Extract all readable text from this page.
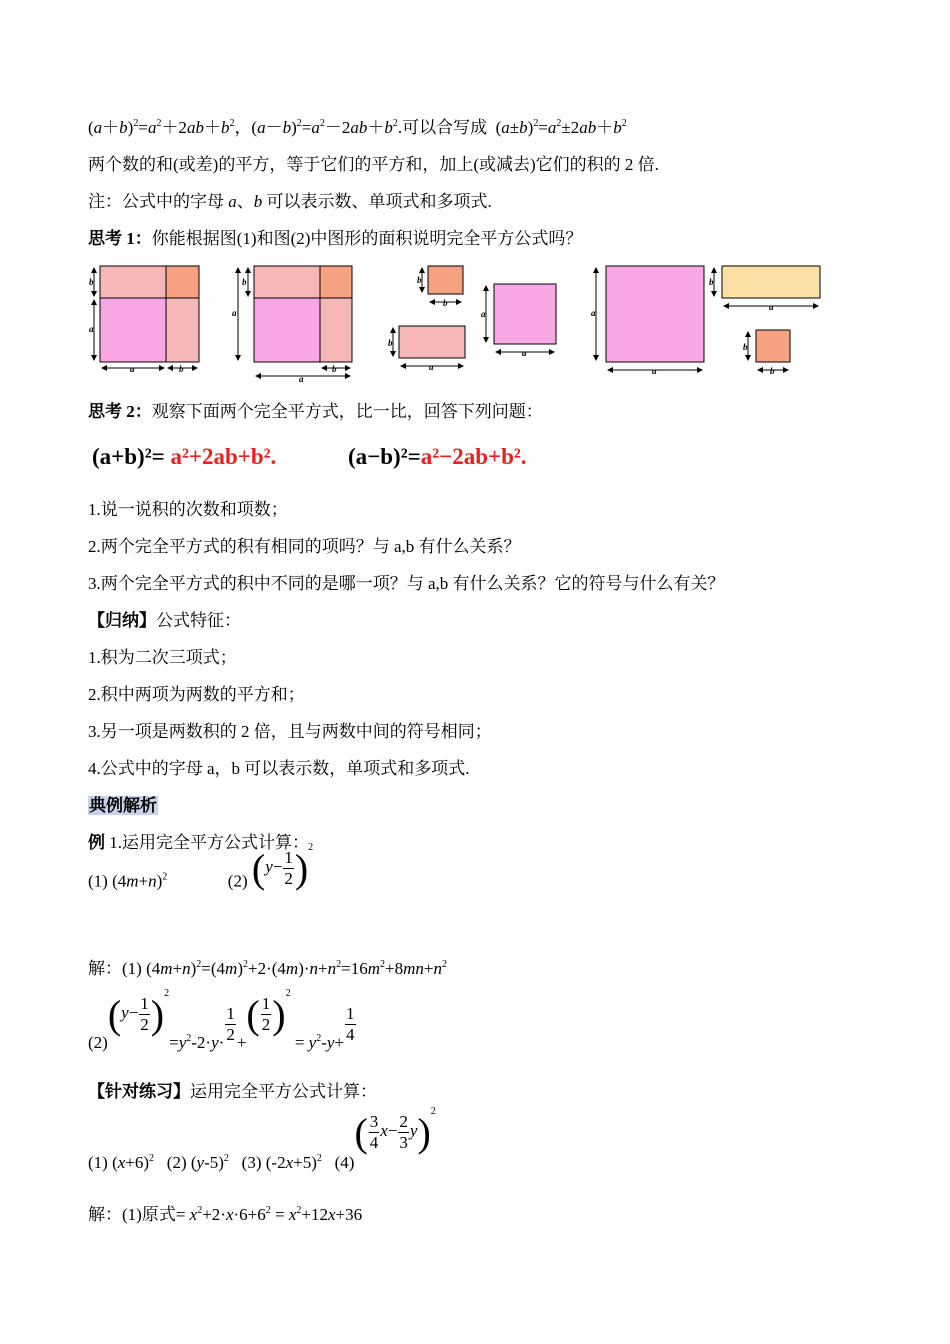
$(a+b)^2=a^2+2ab+b^2$，$(a-b)^2=a^2-2ab+b^2$.可以合写成  $(a\pm b)^2=a^2\pm 2ab+b^2$
两个数的和(或差)的平方，等于它们的平方和，加上(或减去)它们的积的 2 倍.
注：公式中的字母 a、b 可以表示数、单项式和多项式.
思考 1：你能根据图(1)和图(2)中图形的面积说明完全平方公式吗？
b
a
a	b
b
a
a
b
b
b
a
a
b
a
a
a
b
a
b
b
思考 2：观察下面两个完全平方式，比一比，回答下列问题：
(a+b)²= a²+2ab+b².	(a−b)²=a²−2ab+b².
1.说一说积的次数和项数；
2.两个完全平方式的积有相同的项吗？与 a,b 有什么关系？
3.两个完全平方式的积中不同的是哪一项？与 a,b 有什么关系？它的符号与什么有关？
【归纳】公式特征：
1.积为二次三项式；
2.积中两项为两数的平方和；
3.另一项是两数积的 2 倍，且与两数中间的符号相同；
4.公式中的字母 a，b 可以表示数，单项式和多项式.
典例解析
例 1.运用完全平方公式计算：
(1) $(4m+n)^2$	(2) $(y- \frac{1}{2} )^2$
解：(1) $(4m+n)^2=(4m)^2+2\cdot(4m)\cdot n+n^2=16m^2+8mn+n^2$
$(2)(y- \frac{1}{2} )^2=y^2-2\cdot y\cdot \frac{1}{2}$ +( $\frac{1}{2} )^2 = y^2-y+ \frac{1}{4}$
【针对练习】运用完全平方公式计算：
(1) $(x+6)^2$ (2) $(y-5)^2$ (3) $(-2x+5)^2$ $(4)( \frac{3}{4} x- \frac{2}{3} y)^2$
解：(1)原式= $x^2+2\cdot x\cdot 6+6^2 = x^2+12x+36$
